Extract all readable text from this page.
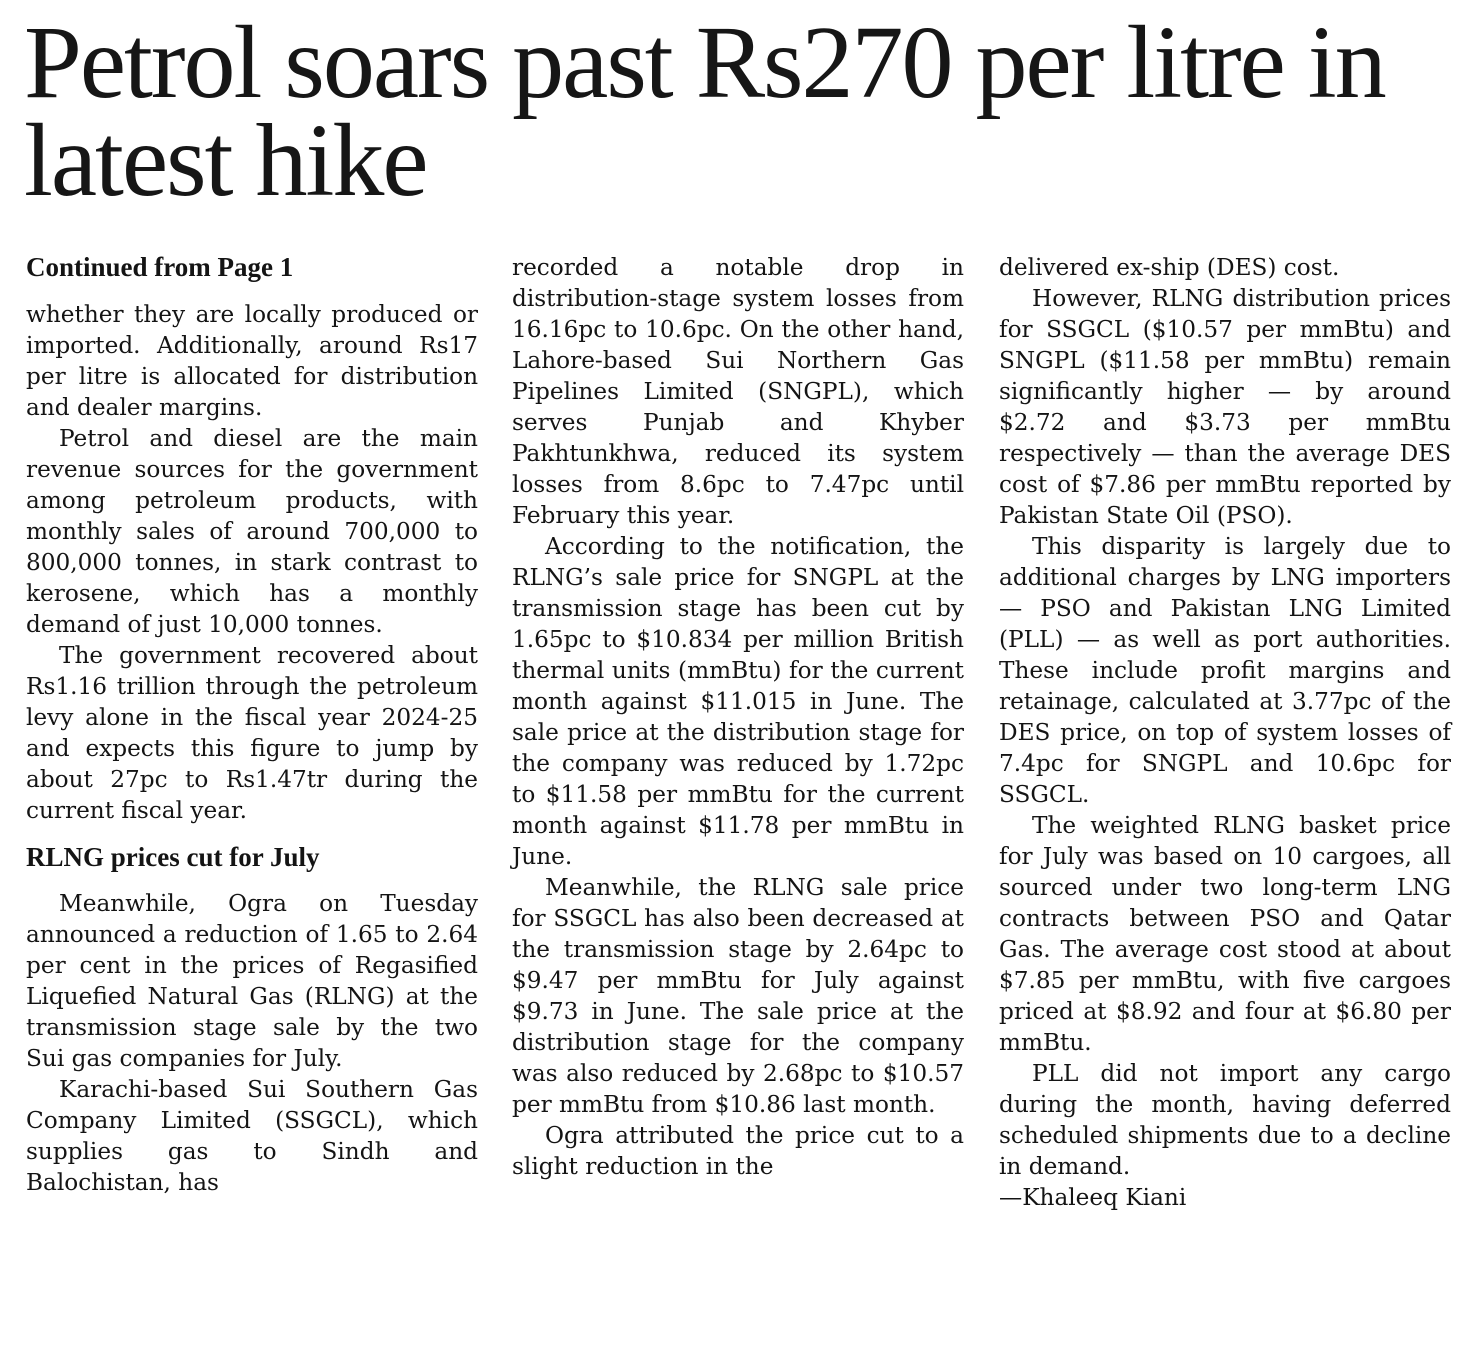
Petrol soars past Rs270 per litre in latest hike
Continued from Page 1

whether they are locally produced or imported. Additionally, around Rs17 per litre is allocated for distribution and dealer margins.

Petrol and diesel are the main revenue sources for the government among petroleum products, with monthly sales of around 700,000 to 800,000 tonnes, in stark contrast to kerosene, which has a monthly demand of just 10,000 tonnes.

The government recovered about Rs1.16 trillion through the petroleum levy alone in the fiscal year 2024-25 and expects this figure to jump by about 27pc to Rs1.47tr during the current fiscal year.

RLNG prices cut for July

Meanwhile, Ogra on Tuesday announced a reduction of 1.65 to 2.64 per cent in the prices of Regasified Liquefied Natural Gas (RLNG) at the transmission stage sale by the two Sui gas companies for July.

Karachi-based Sui Southern Gas Company Limited (SSGCL), which supplies gas to Sindh and Balochistan, has

recorded a notable drop in distribution-stage system losses from 16.16pc to 10.6pc. On the other hand, Lahore-based Sui Northern Gas Pipelines Limited (SNGPL), which serves Punjab and Khyber Pakhtunkhwa, reduced its system losses from 8.6pc to 7.47pc until February this year.

According to the notification, the RLNG’s sale price for SNGPL at the transmission stage has been cut by 1.65pc to $10.834 per million British thermal units (mmBtu) for the current month against $11.015 in June. The sale price at the distribution stage for the company was reduced by 1.72pc to $11.58 per mmBtu for the current month against $11.78 per mmBtu in June.

Meanwhile, the RLNG sale price for SSGCL has also been decreased at the transmission stage by 2.64pc to $9.47 per mmBtu for July against $9.73 in June. The sale price at the distribution stage for the company was also reduced by 2.68pc to $10.57 per mmBtu from $10.86 last month.

Ogra attributed the price cut to a slight reduction in the

delivered ex-ship (DES) cost.

However, RLNG distribution prices for SSGCL ($10.57 per mmBtu) and SNGPL ($11.58 per mmBtu) remain significantly higher — by around $2.72 and $3.73 per mmBtu respectively — than the average DES cost of $7.86 per mmBtu reported by Pakistan State Oil (PSO).

This disparity is largely due to additional charges by LNG importers — PSO and Pakistan LNG Limited (PLL) — as well as port authorities. These include profit margins and retainage, calculated at 3.77pc of the DES price, on top of system losses of 7.4pc for SNGPL and 10.6pc for SSGCL.

The weighted RLNG basket price for July was based on 10 cargoes, all sourced under two long-term LNG contracts between PSO and Qatar Gas. The average cost stood at about $7.85 per mmBtu, with five cargoes priced at $8.92 and four at $6.80 per mmBtu.

PLL did not import any cargo during the month, having deferred scheduled shipments due to a decline in demand.

—Khaleeq Kiani
